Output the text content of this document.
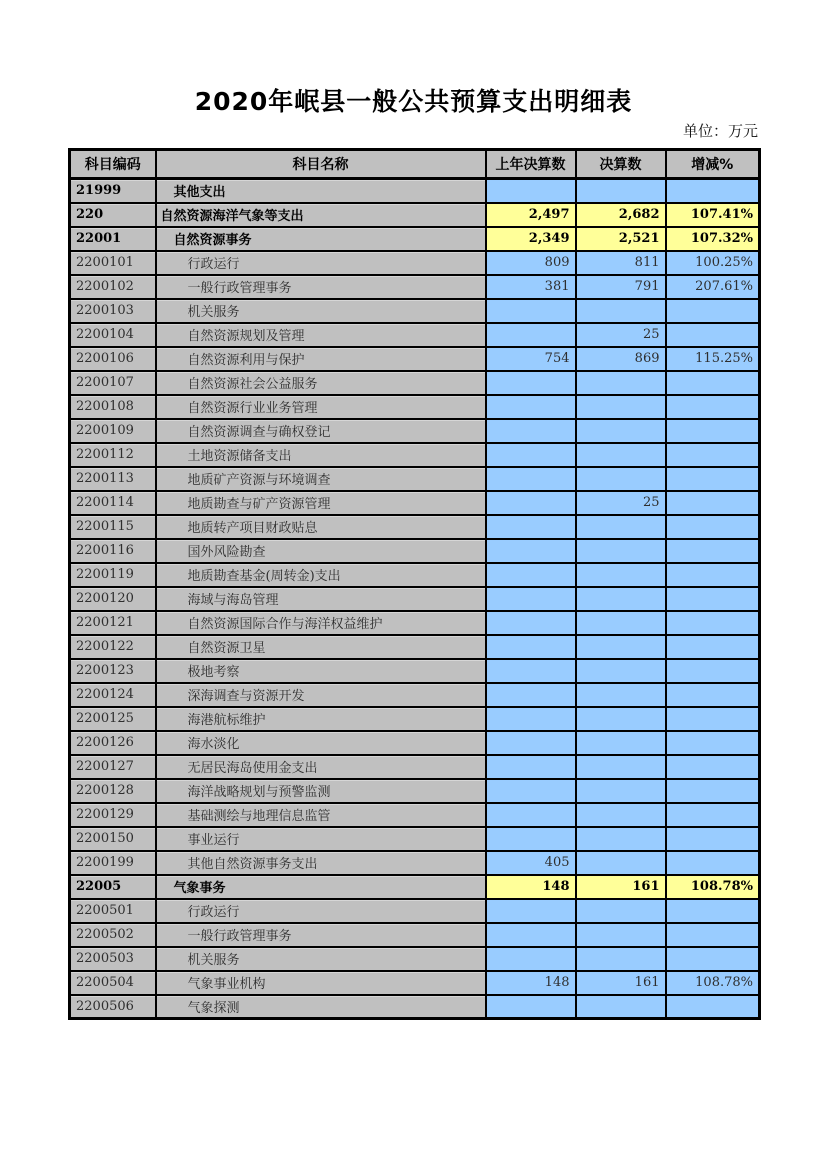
2020年岷县一般公共预算支出明细表
单位：万元
科目编码	科目名称	上年决算数	决算数	增减%
21999	其他支出			
220	自然资源海洋气象等支出	2,497	2,682	107.41%
22001	自然资源事务	2,349	2,521	107.32%
2200101	行政运行	809	811	100.25%
2200102	一般行政管理事务	381	791	207.61%
2200103	机关服务			
2200104	自然资源规划及管理		25	
2200106	自然资源利用与保护	754	869	115.25%
2200107	自然资源社会公益服务			
2200108	自然资源行业业务管理			
2200109	自然资源调查与确权登记			
2200112	土地资源储备支出			
2200113	地质矿产资源与环境调查			
2200114	地质勘查与矿产资源管理		25	
2200115	地质转产项目财政贴息			
2200116	国外风险勘查			
2200119	地质勘查基金(周转金)支出			
2200120	海域与海岛管理			
2200121	自然资源国际合作与海洋权益维护			
2200122	自然资源卫星			
2200123	极地考察			
2200124	深海调查与资源开发			
2200125	海港航标维护			
2200126	海水淡化			
2200127	无居民海岛使用金支出			
2200128	海洋战略规划与预警监测			
2200129	基础测绘与地理信息监管			
2200150	事业运行			
2200199	其他自然资源事务支出	405		
22005	气象事务	148	161	108.78%
2200501	行政运行			
2200502	一般行政管理事务			
2200503	机关服务			
2200504	气象事业机构	148	161	108.78%
2200506	气象探测			
